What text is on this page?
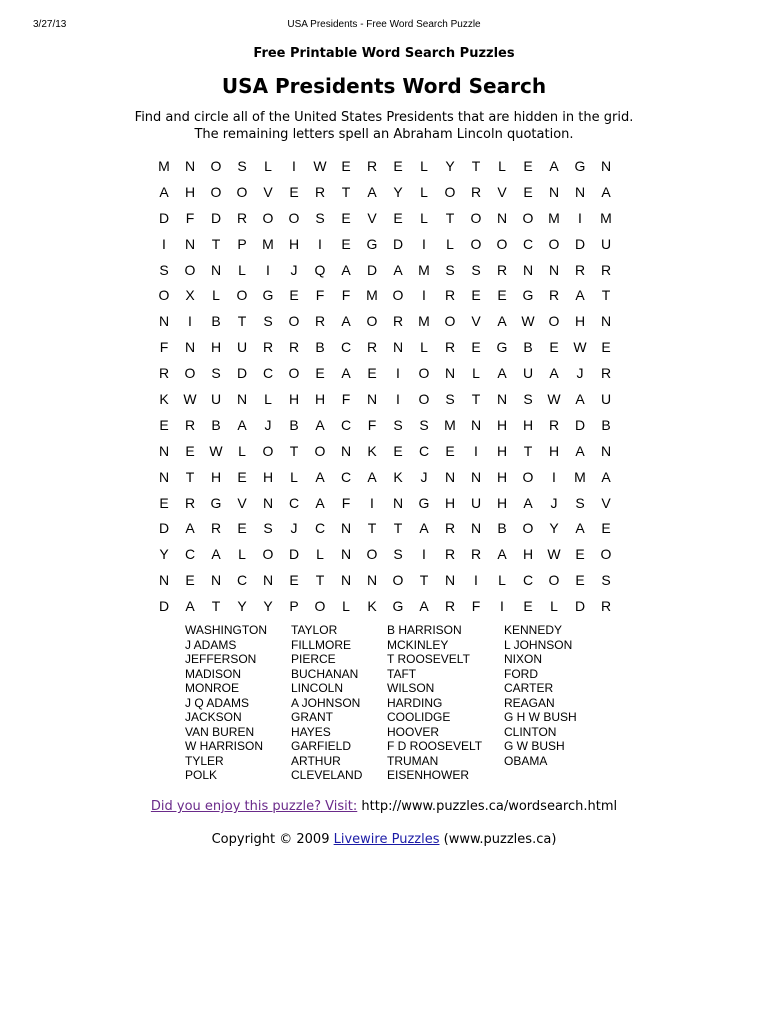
3/27/13	USA Presidents - Free Word Search Puzzle
Free Printable Word Search Puzzles
USA Presidents Word Search
Find and circle all of the United States Presidents that are hidden in the grid.
The remaining letters spell an Abraham Lincoln quotation.
M	N	O	S	L	I	W	E	R	E	L	Y	T	L	E	A	G	N
A	H	O	O	V	E	R	T	A	Y	L	O	R	V	E	N	N	A
D	F	D	R	O	O	S	E	V	E	L	T	O	N	O	M	I	M
I	N	T	P	M	H	I	E	G	D	I	L	O	O	C	O	D	U
S	O	N	L	I	J	Q	A	D	A	M	S	S	R	N	N	R	R
O	X	L	O	G	E	F	F	M	O	I	R	E	E	G	R	A	T
N	I	B	T	S	O	R	A	O	R	M	O	V	A	W	O	H	N
F	N	H	U	R	R	B	C	R	N	L	R	E	G	B	E	W	E
R	O	S	D	C	O	E	A	E	I	O	N	L	A	U	A	J	R
K	W	U	N	L	H	H	F	N	I	O	S	T	N	S	W	A	U
E	R	B	A	J	B	A	C	F	S	S	M	N	H	H	R	D	B
N	E	W	L	O	T	O	N	K	E	C	E	I	H	T	H	A	N
N	T	H	E	H	L	A	C	A	K	J	N	N	H	O	I	M	A
E	R	G	V	N	C	A	F	I	N	G	H	U	H	A	J	S	V
D	A	R	E	S	J	C	N	T	T	A	R	N	B	O	Y	A	E
Y	C	A	L	O	D	L	N	O	S	I	R	R	A	H	W	E	O
N	E	N	C	N	E	T	N	N	O	T	N	I	L	C	O	E	S
D	A	T	Y	Y	P	O	L	K	G	A	R	F	I	E	L	D	R
WASHINGTON
J ADAMS
JEFFERSON
MADISON
MONROE
J Q ADAMS
JACKSON
VAN BUREN
W HARRISON
TYLER
POLK
TAYLOR
FILLMORE
PIERCE
BUCHANAN
LINCOLN
A JOHNSON
GRANT
HAYES
GARFIELD
ARTHUR
CLEVELAND
B HARRISON
MCKINLEY
T ROOSEVELT
TAFT
WILSON
HARDING
COOLIDGE
HOOVER
F D ROOSEVELT
TRUMAN
EISENHOWER
KENNEDY
L JOHNSON
NIXON
FORD
CARTER
REAGAN
G H W BUSH
CLINTON
G W BUSH
OBAMA
Did you enjoy this puzzle? Visit: http://www.puzzles.ca/wordsearch.html
Copyright © 2009 Livewire Puzzles (www.puzzles.ca)
